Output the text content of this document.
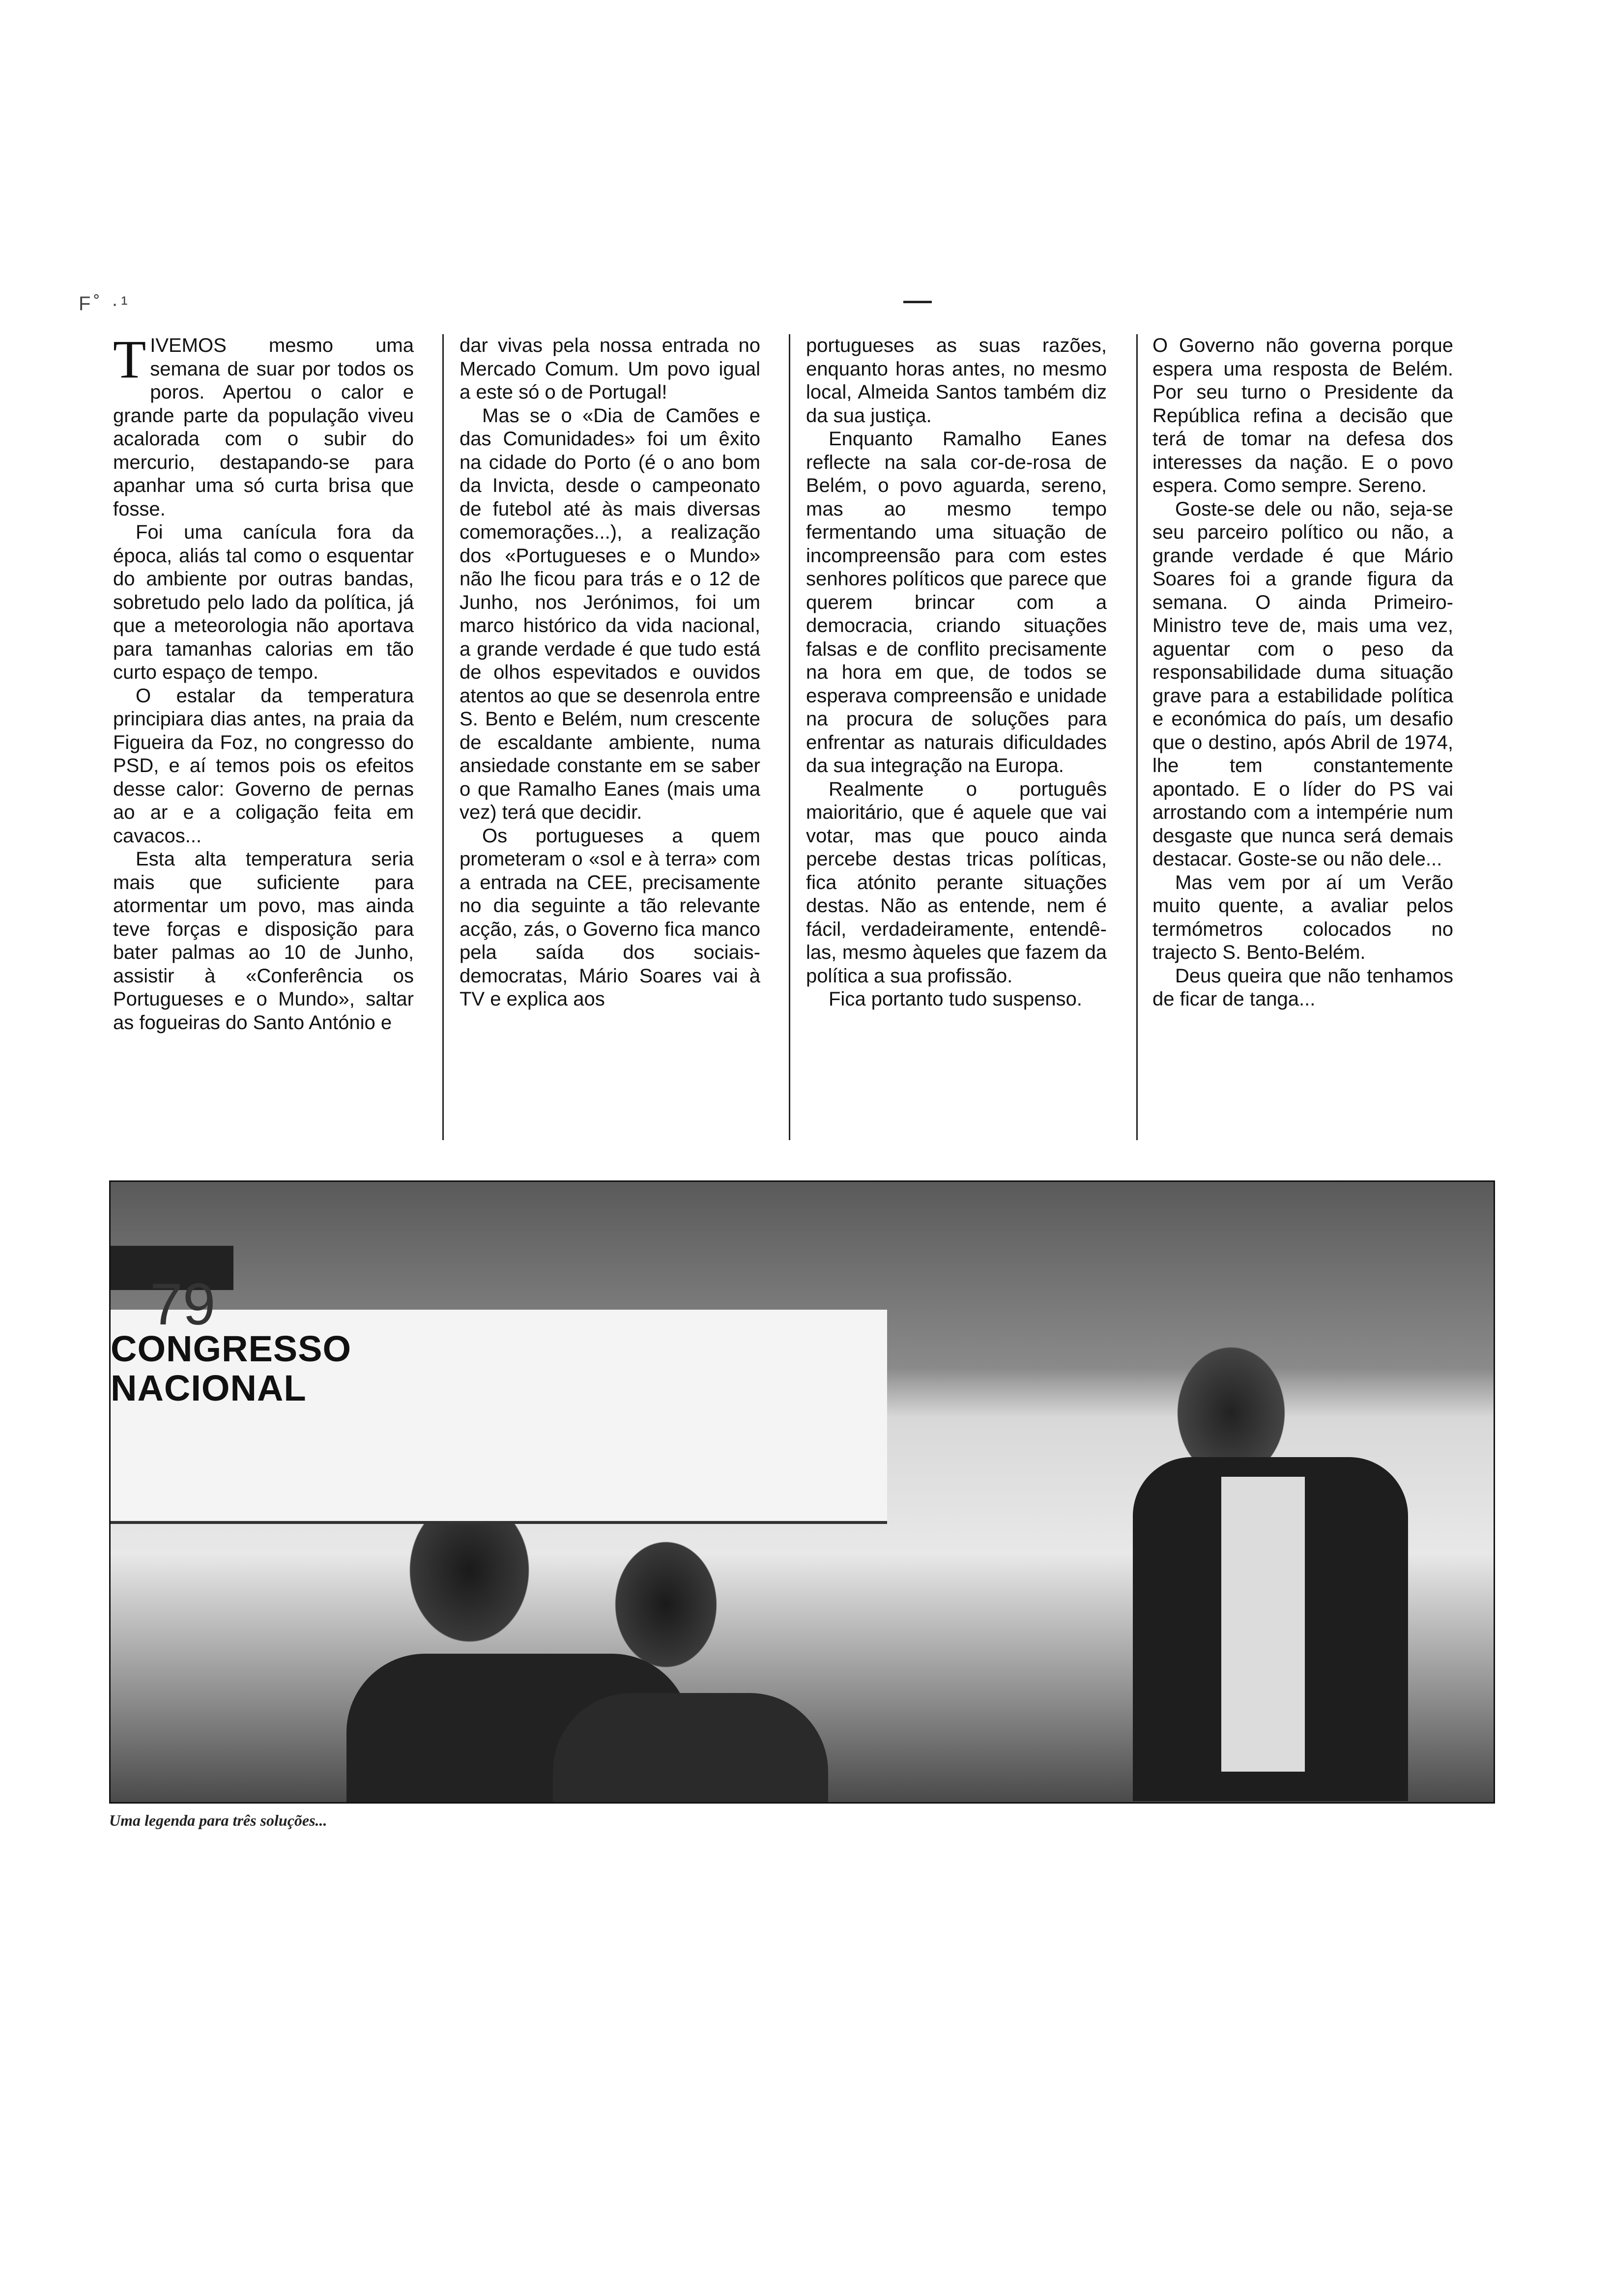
F˚ ·¹

TIVEMOS mesmo uma semana de suar por todos os poros. Apertou o calor e grande parte da população viveu acalorada com o subir do mercurio, destapando-se para apanhar uma só curta brisa que fosse.

Foi uma canícula fora da época, aliás tal como o esquentar do ambiente por outras bandas, sobretudo pelo lado da política, já que a meteorologia não aportava para tamanhas calorias em tão curto espaço de tempo.

O estalar da temperatura principiara dias antes, na praia da Figueira da Foz, no congresso do PSD, e aí temos pois os efeitos desse calor: Governo de pernas ao ar e a coligação feita em cavacos...

Esta alta temperatura seria mais que suficiente para atormentar um povo, mas ainda teve forças e disposição para bater palmas ao 10 de Junho, assistir à «Conferência os Portugueses e o Mundo», saltar as fogueiras do Santo António e

dar vivas pela nossa entrada no Mercado Comum. Um povo igual a este só o de Portugal!

Mas se o «Dia de Camões e das Comunidades» foi um êxito na cidade do Porto (é o ano bom da Invicta, desde o campeonato de futebol até às mais diversas comemorações...), a realização dos «Portugueses e o Mundo» não lhe ficou para trás e o 12 de Junho, nos Jerónimos, foi um marco histórico da vida nacional, a grande verdade é que tudo está de olhos espevitados e ouvidos atentos ao que se desenrola entre S. Bento e Belém, num crescente de escaldante ambiente, numa ansiedade constante em se saber o que Ramalho Eanes (mais uma vez) terá que decidir.

Os portugueses a quem prometeram o «sol e à terra» com a entrada na CEE, precisamente no dia seguinte a tão relevante acção, zás, o Governo fica manco pela saída dos sociais-democratas, Mário Soares vai à TV e explica aos

portugueses as suas razões, enquanto horas antes, no mesmo local, Almeida Santos também diz da sua justiça.

Enquanto Ramalho Eanes reflecte na sala cor-de-rosa de Belém, o povo aguarda, sereno, mas ao mesmo tempo fermentando uma situação de incompreensão para com estes senhores políticos que parece que querem brincar com a democracia, criando situações falsas e de conflito precisamente na hora em que, de todos se esperava compreensão e unidade na procura de soluções para enfrentar as naturais dificuldades da sua integração na Europa.

Realmente o português maioritário, que é aquele que vai votar, mas que pouco ainda percebe destas tricas políticas, fica atónito perante situações destas. Não as entende, nem é fácil, verdadeiramente, entendê-las, mesmo àqueles que fazem da política a sua profissão.

Fica portanto tudo suspenso.

O Governo não governa porque espera uma resposta de Belém. Por seu turno o Presidente da República refina a decisão que terá de tomar na defesa dos interesses da nação. E o povo espera. Como sempre. Sereno.

Goste-se dele ou não, seja-se seu parceiro político ou não, a grande verdade é que Mário Soares foi a grande figura da semana. O ainda Primeiro-Ministro teve de, mais uma vez, aguentar com o peso da responsabilidade duma situação grave para a estabilidade política e económica do país, um desafio que o destino, após Abril de 1974, lhe tem constantemente apontado. E o líder do PS vai arrostando com a intempérie num desgaste que nunca será demais destacar. Goste-se ou não dele...

Mas vem por aí um Verão muito quente, a avaliar pelos termómetros colocados no trajecto S. Bento-Belém.

Deus queira que não tenhamos de ficar de tanga...

79
CONGRESSO
NACIONAL
Uma legenda para três soluções...
